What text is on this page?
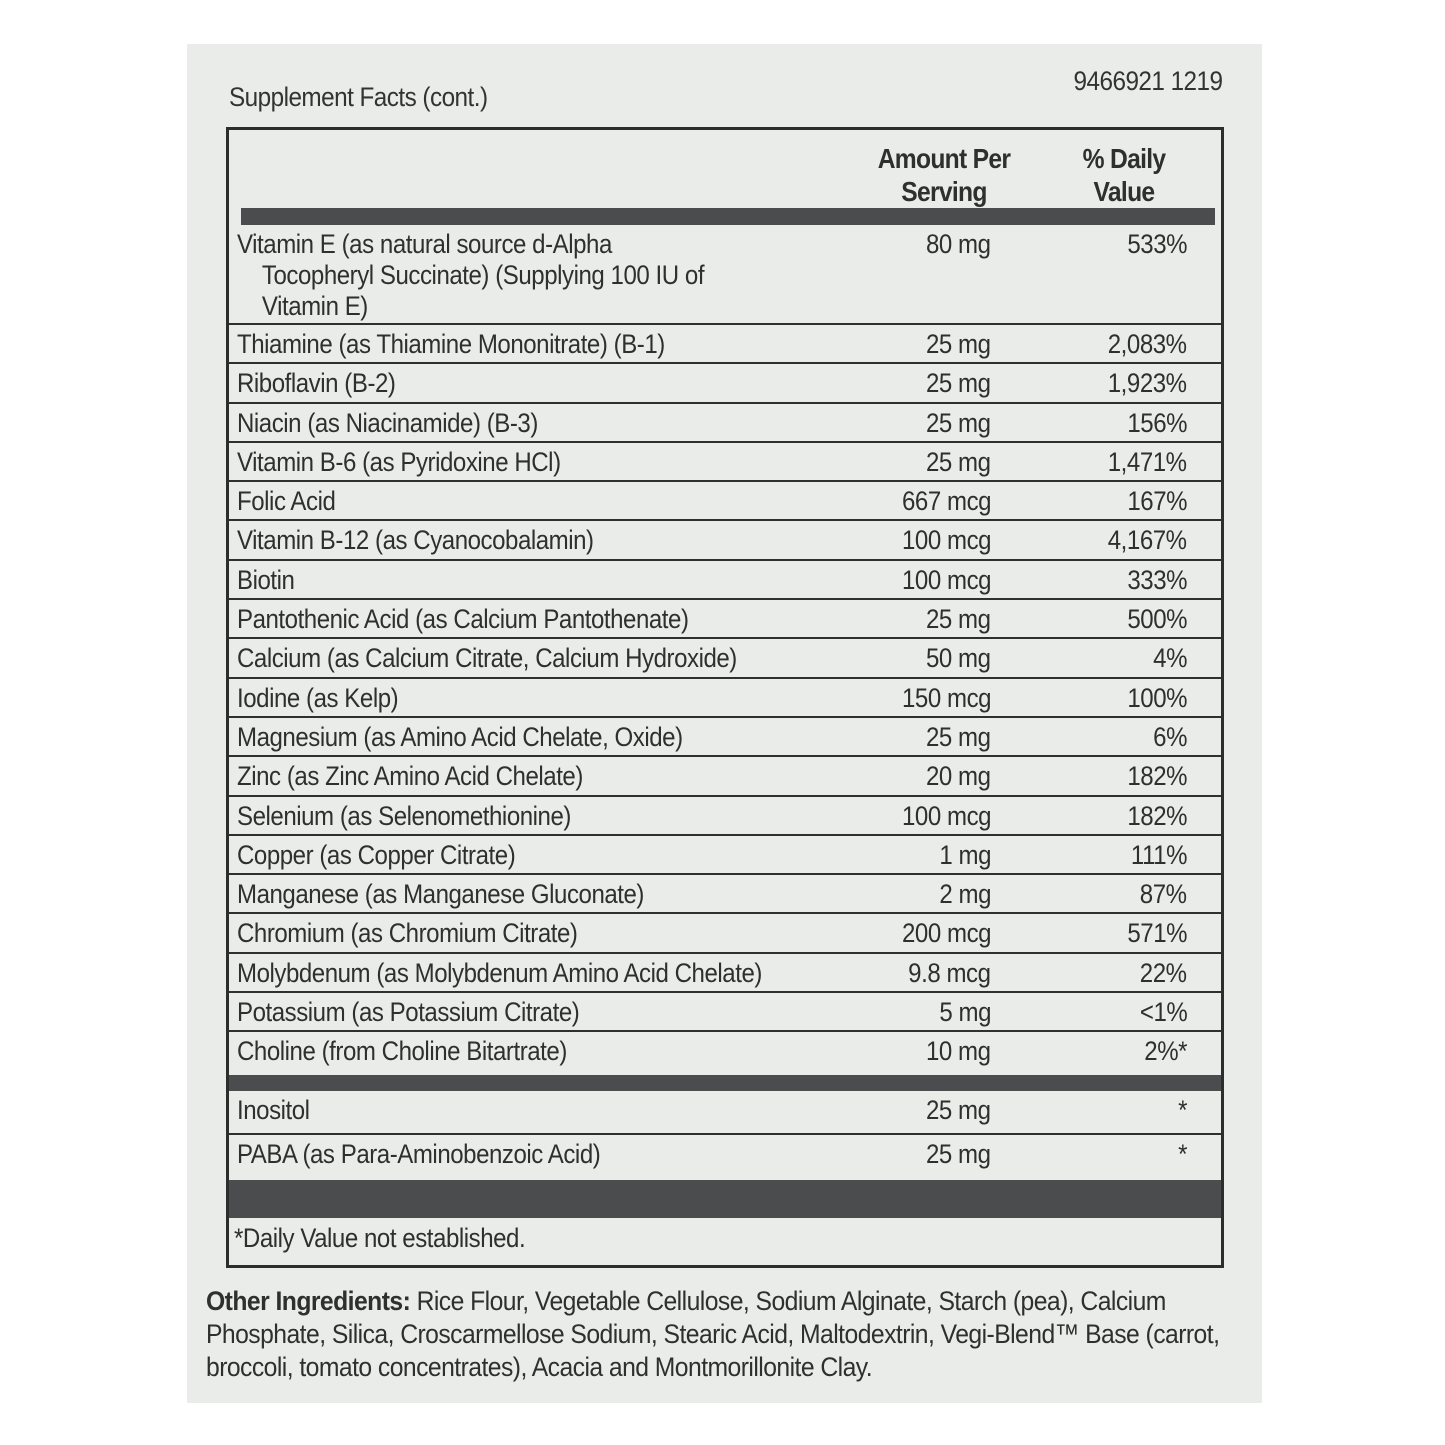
Supplement Facts (cont.)
9466921 1219
Amount Per
Serving
% Daily
Value
Vitamin E (as natural source d-Alpha
Tocopheryl Succinate) (Supplying 100 IU of
Vitamin E)
80 mg	533%
Thiamine (as Thiamine Mononitrate) (B-1)	25 mg	2,083%
Riboflavin (B-2)	25 mg	1,923%
Niacin (as Niacinamide) (B-3)	25 mg	156%
Vitamin B-6 (as Pyridoxine HCl)	25 mg	1,471%
Folic Acid	667 mcg	167%
Vitamin B-12 (as Cyanocobalamin)	100 mcg	4,167%
Biotin	100 mcg	333%
Pantothenic Acid (as Calcium Pantothenate)	25 mg	500%
Calcium (as Calcium Citrate, Calcium Hydroxide)	50 mg	4%
Iodine (as Kelp)	150 mcg	100%
Magnesium (as Amino Acid Chelate, Oxide)	25 mg	6%
Zinc (as Zinc Amino Acid Chelate)	20 mg	182%
Selenium (as Selenomethionine)	100 mcg	182%
Copper (as Copper Citrate)	1 mg	111%
Manganese (as Manganese Gluconate)	2 mg	87%
Chromium (as Chromium Citrate)	200 mcg	571%
Molybdenum (as Molybdenum Amino Acid Chelate)	9.8 mcg	22%
Potassium (as Potassium Citrate)	5 mg	<1%
Choline (from Choline Bitartrate)	10 mg	2%*
Inositol	25 mg	*
PABA (as Para-Aminobenzoic Acid)	25 mg	*
*Daily Value not established.
Other Ingredients: Rice Flour, Vegetable Cellulose, Sodium Alginate, Starch (pea), Calcium Phosphate, Silica, Croscarmellose Sodium, Stearic Acid, Maltodextrin, Vegi-Blend™ Base (carrot, broccoli, tomato concentrates), Acacia and Montmorillonite Clay.
